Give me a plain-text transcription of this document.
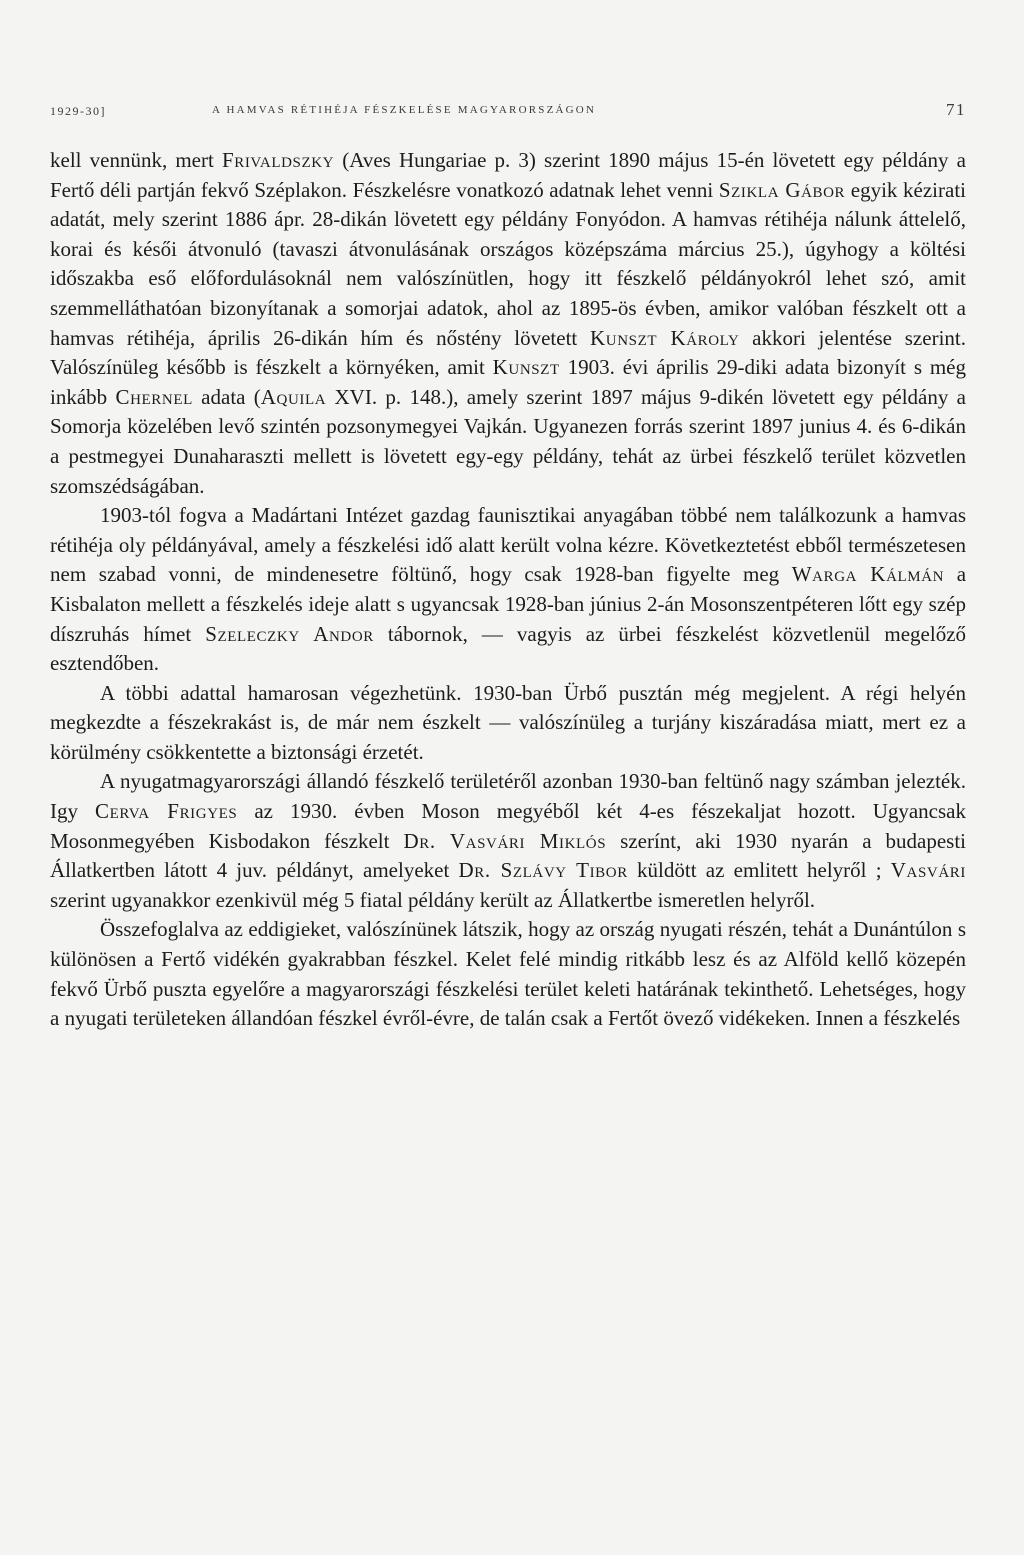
1929-30]	A HAMVAS RÉTIHÉJA FÉSZKELÉSE MAGYARORSZÁGON	71

kell vennünk, mert Frivaldszky (Aves Hungariae p. 3) szerint 1890 május 15-én lövetett egy példány a Fertő déli partján fekvő Széplakon. Fészkelésre vonatkozó adatnak lehet venni Szikla Gábor egyik kézirati adatát, mely szerint 1886 ápr. 28-dikán lövetett egy példány Fonyódon. A hamvas rétihéja nálunk áttelelő, korai és késői átvonuló (tavaszi átvonulásának országos középszáma március 25.), úgyhogy a költési időszakba eső előfordulásoknál nem valószínütlen, hogy itt fészkelő példányokról lehet szó, amit szemmelláthatóan bizonyítanak a somorjai adatok, ahol az 1895-ös évben, amikor valóban fészkelt ott a hamvas rétihéja, április 26-dikán hím és nőstény lövetett Kunszt Károly akkori jelentése szerint. Valószínüleg később is fészkelt a környéken, amit Kunszt 1903. évi április 29-diki adata bizonyít s még inkább Chernel adata (Aquila XVI. p. 148.), amely szerint 1897 május 9-dikén lövetett egy példány a Somorja közelében levő szintén pozsonymegyei Vajkán. Ugyanezen forrás szerint 1897 junius 4. és 6-dikán a pestmegyei Dunaharaszti mellett is lövetett egy-egy példány, tehát az ürbei fészkelő terület közvetlen szomszédságában.

1903-tól fogva a Madártani Intézet gazdag faunisztikai anyagában többé nem találkozunk a hamvas rétihéja oly példányával, amely a fészkelési idő alatt került volna kézre. Következtetést ebből természetesen nem szabad vonni, de mindenesetre föltünő, hogy csak 1928-ban figyelte meg Warga Kálmán a Kisbalaton mellett a fészkelés ideje alatt s ugyancsak 1928-ban június 2-án Mosonszentpéteren lőtt egy szép díszruhás hímet Szeleczky Andor tábornok, — vagyis az ürbei fészkelést közvetlenül megelőző esztendőben.

A többi adattal hamarosan végezhetünk. 1930-ban Ürbő pusztán még megjelent. A régi helyén megkezdte a fészekrakást is, de már nem észkelt — valószínüleg a turjány kiszáradása miatt, mert ez a körülmény csökkentette a biztonsági érzetét.

A nyugatmagyarországi állandó fészkelő területéről azonban 1930-ban feltünő nagy számban jelezték. Igy Cerva Frigyes az 1930. évben Moson megyéből két 4-es fészekaljat hozott. Ugyancsak Mosonmegyében Kisbodakon fészkelt Dr. Vasvári Miklós szerínt, aki 1930 nyarán a budapesti Állatkertben látott 4 juv. példányt, amelyeket Dr. Szlávy Tibor küldött az emlitett helyről ; Vasvári szerint ugyanakkor ezenkivül még 5 fiatal példány került az Állatkertbe ismeretlen helyről.

Összefoglalva az eddigieket, valószínünek látszik, hogy az ország nyugati részén, tehát a Dunántúlon s különösen a Fertő vidékén gyakrabban fészkel. Kelet felé mindig ritkább lesz és az Alföld kellő közepén fekvő Ürbő puszta egyelőre a magyarországi fészkelési terület keleti határának tekinthető. Lehetséges, hogy a nyugati területeken állandóan fészkel évről-évre, de talán csak a Fertőt övező vidékeken. Innen a fészkelés
